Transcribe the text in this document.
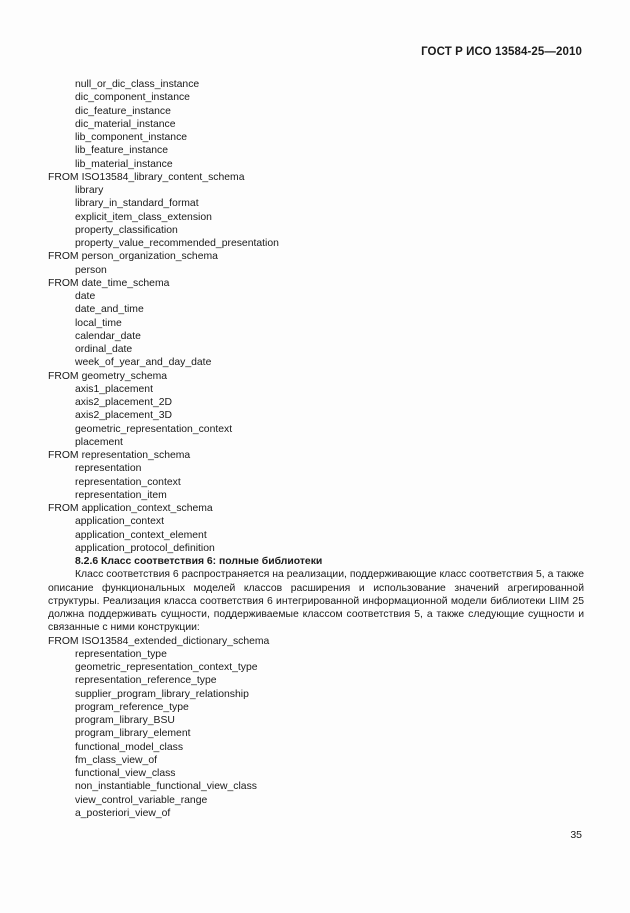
ГОСТ Р ИСО 13584-25—2010
null_or_dic_class_instance
dic_component_instance
dic_feature_instance
dic_material_instance
lib_component_instance
lib_feature_instance
lib_material_instance
FROM ISO13584_library_content_schema
library
library_in_standard_format
explicit_item_class_extension
property_classification
property_value_recommended_presentation
FROM person_organization_schema
person
FROM date_time_schema
date
date_and_time
local_time
calendar_date
ordinal_date
week_of_year_and_day_date
FROM geometry_schema
axis1_placement
axis2_placement_2D
axis2_placement_3D
geometric_representation_context
placement
FROM representation_schema
representation
representation_context
representation_item
FROM application_context_schema
application_context
application_context_element
application_protocol_definition
8.2.6 Класс соответствия 6: полные библиотеки

Класс соответствия 6 распространяется на реализации, поддерживающие класс соответствия 5, а также описание функциональных моделей классов расширения и использование значений агрегированной структуры. Реализация класса соответствия 6 интегрированной информационной модели библиотеки LIIM 25 должна поддерживать сущности, поддерживаемые классом соответствия 5, а также следующие сущности и связанные с ними конструкции:

FROM ISO13584_extended_dictionary_schema
representation_type
geometric_representation_context_type
representation_reference_type
supplier_program_library_relationship
program_reference_type
program_library_BSU
program_library_element
functional_model_class
fm_class_view_of
functional_view_class
non_instantiable_functional_view_class
view_control_variable_range
a_posteriori_view_of
35
